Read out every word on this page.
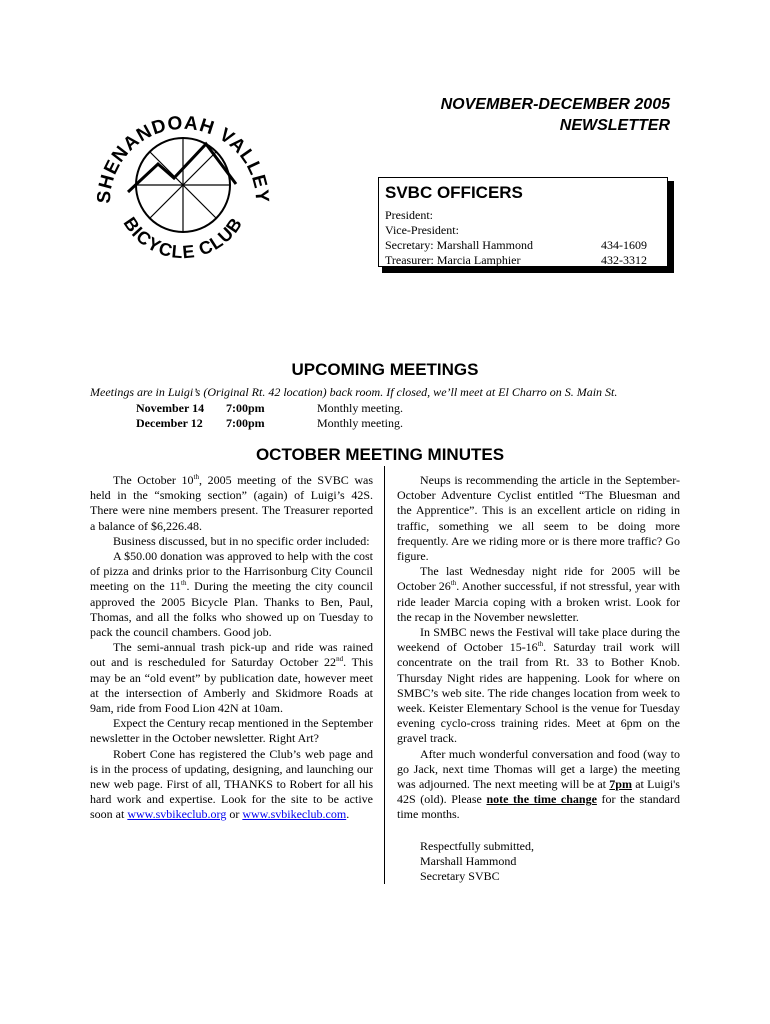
SHENANDOAH VALLEY
BICYCLE CLUB
NOVEMBER-DECEMBER 2005
NEWSLETTER
SVBC OFFICERS
President:
Vice-President:
Secretary: Marshall Hammond	434-1609
Treasurer: Marcia Lamphier	432-3312
UPCOMING MEETINGS
Meetings are in Luigi’s (Original Rt. 42 location) back room. If closed, we’ll meet at El Charro on S. Main St.
November 14 7:00pm	Monthly meeting.
December 12 7:00pm	Monthly meeting.
OCTOBER MEETING MINUTES

The October 10th, 2005 meeting of the SVBC was held in the “smoking section” (again) of Luigi’s 42S. There were nine members present. The Treasurer reported a balance of $6,226.48.

Business discussed, but in no specific order included:

A $50.00 donation was approved to help with the cost of pizza and drinks prior to the Harrisonburg City Council meeting on the 11th. During the meeting the city council approved the 2005 Bicycle Plan. Thanks to Ben, Paul, Thomas, and all the folks who showed up on Tuesday to pack the council chambers. Good job.

The semi-annual trash pick-up and ride was rained out and is rescheduled for Saturday October 22nd. This may be an “old event” by publication date, however meet at the intersection of Amberly and Skidmore Roads at 9am, ride from Food Lion 42N at 10am.

Expect the Century recap mentioned in the September newsletter in the October newsletter. Right Art?

Robert Cone has registered the Club’s web page and is in the process of updating, designing, and launching our new web page. First of all, THANKS to Robert for all his hard work and expertise. Look for the site to be active soon at www.svbikeclub.org or www.svbikeclub.com.

Neups is recommending the article in the September-October Adventure Cyclist entitled “The Bluesman and the Apprentice”. This is an excellent article on riding in traffic, something we all seem to be doing more frequently. Are we riding more or is there more traffic? Go figure.

The last Wednesday night ride for 2005 will be October 26th. Another successful, if not stressful, year with ride leader Marcia coping with a broken wrist. Look for the recap in the November newsletter.

In SMBC news the Festival will take place during the weekend of October 15-16th. Saturday trail work will concentrate on the trail from Rt. 33 to Bother Knob. Thursday Night rides are happening. Look for where on SMBC’s web site. The ride changes location from week to week. Keister Elementary School is the venue for Tuesday evening cyclo-cross training rides. Meet at 6pm on the gravel track.

After much wonderful conversation and food (way to go Jack, next time Thomas will get a large) the meeting was adjourned. The next meeting will be at 7pm at Luigi's 42S (old). Please note the time change for the standard time months.

Respectfully submitted,
Marshall Hammond
Secretary SVBC
